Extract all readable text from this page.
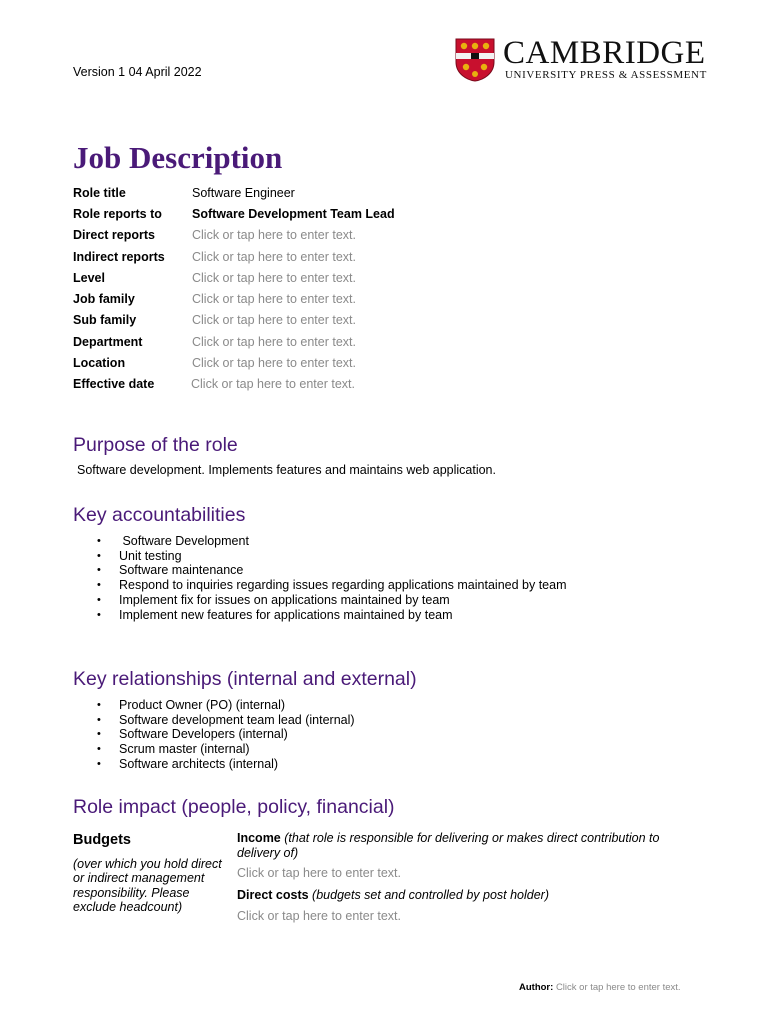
Version 1 04 April 2022
CAMBRIDGE
UNIVERSITY PRESS & ASSESSMENT
Job Description
Role title	Software Engineer
Role reports to	Software Development Team Lead
Direct reports	Click or tap here to enter text.
Indirect reports	Click or tap here to enter text.
Level	Click or tap here to enter text.
Job family	Click or tap here to enter text.
Sub family	Click or tap here to enter text.
Department	Click or tap here to enter text.
Location	Click or tap here to enter text.
Effective date	Click or tap here to enter text.
Purpose of the role
Software development. Implements features and maintains web application.
Key accountabilities
•  Software Development
• Unit testing
• Software maintenance
• Respond to inquiries regarding issues regarding applications maintained by team
• Implement fix for issues on applications maintained by team
• Implement new features for applications maintained by team
Key relationships (internal and external)
• Product Owner (PO) (internal)
• Software development team lead (internal)
• Software Developers (internal)
• Scrum master (internal)
• Software architects (internal)
Role impact (people, policy, financial)
Budgets
(over which you hold direct or indirect management responsibility. Please exclude headcount)
Income (that role is responsible for delivering or makes direct contribution to delivery of)
Click or tap here to enter text.
Direct costs (budgets set and controlled by post holder)
Click or tap here to enter text.
Author: Click or tap here to enter text.
